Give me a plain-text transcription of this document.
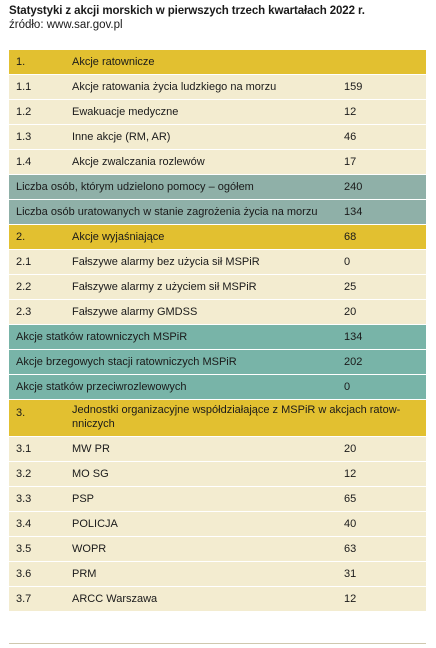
Statystyki z akcji morskich w pierwszych trzech kwartałach 2022 r.
źródło: www.sar.gov.pl
1.	Akcje ratownicze
1.1	Akcje ratowania życia ludzkiego na morzu	159
1.2	Ewakuacje medyczne	12
1.3	Inne akcje (RM, AR)	46
1.4	Akcje zwalczania rozlewów	17
Liczba osób, którym udzielono pomocy – ogółem	240
Liczba osób uratowanych w stanie zagrożenia życia na morzu 134
2.	Akcje wyjaśniające	68
2.1	Fałszywe alarmy bez użycia sił MSPiR	0
2.2	Fałszywe alarmy z użyciem sił MSPiR	25
2.3	Fałszywe alarmy GMDSS	20
Akcje statków ratowniczych MSPiR	134
Akcje brzegowych stacji ratowniczych MSPiR	202
Akcje statków przeciwrozlewowych	0
3.	Jednostki organizacyjne współdziałające z MSPiR w akcjach ratow-nniczych
3.1	MW PR	20
3.2	MO SG	12
3.3	PSP	65
3.4	POLICJA	40
3.5	WOPR	63
3.6	PRM	31
3.7	ARCC Warszawa	12
